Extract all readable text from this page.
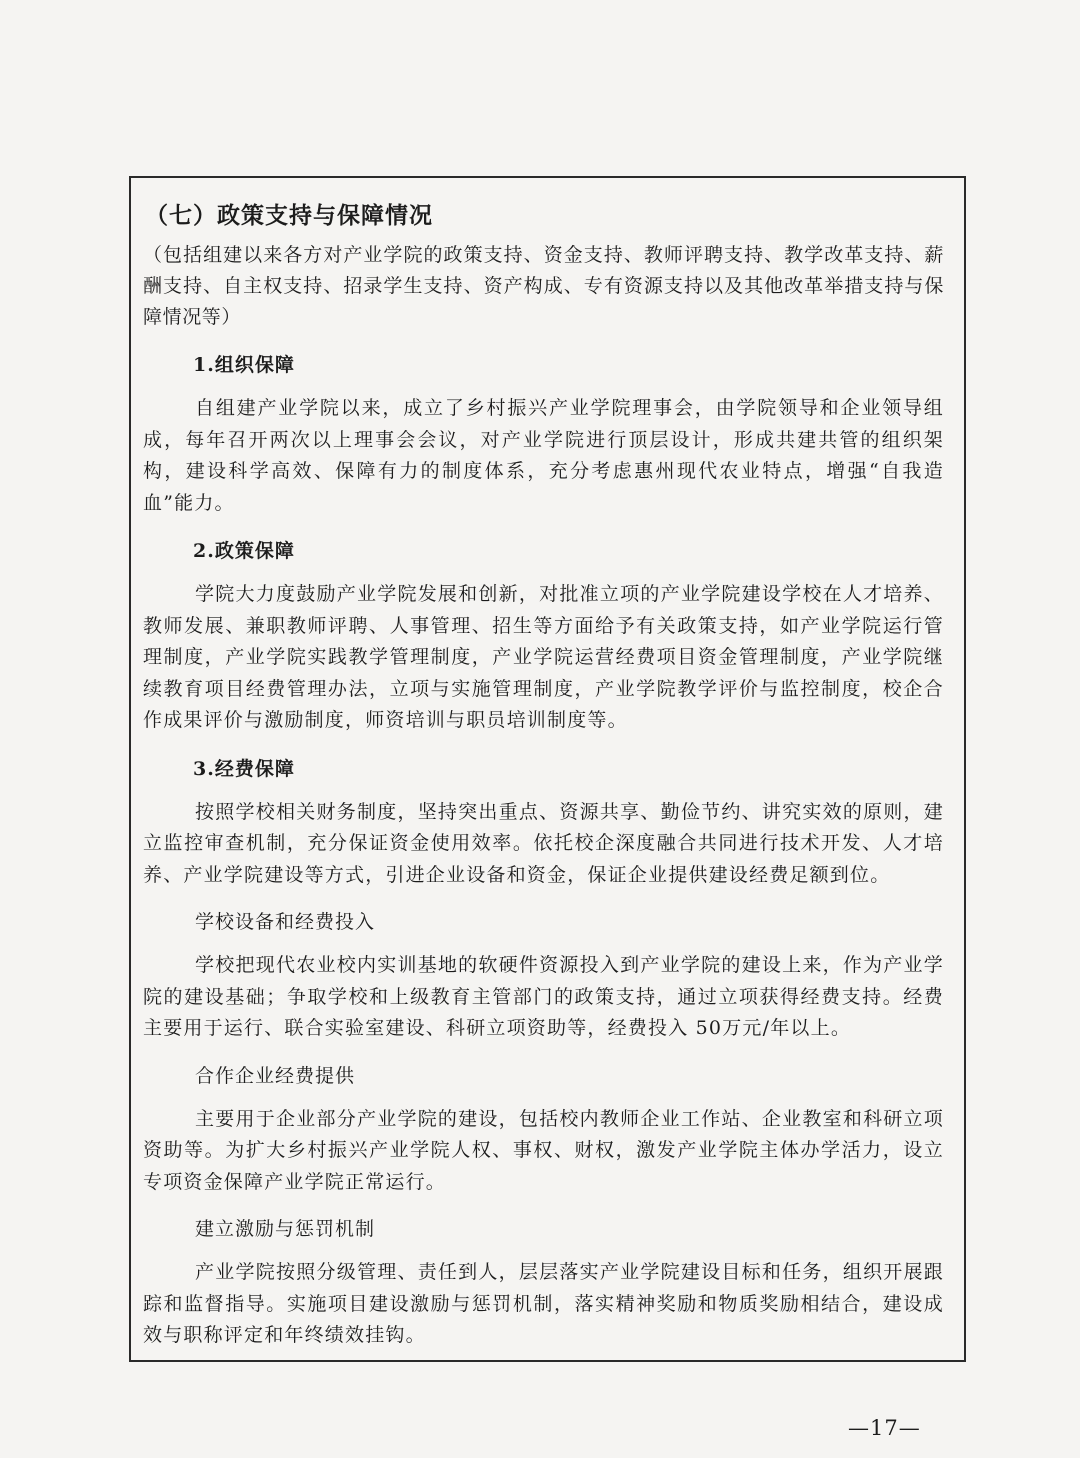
（七）政策支持与保障情况
（包括组建以来各方对产业学院的政策支持、资金支持、教师评聘支持、教学改革支持、薪酬支持、自主权支持、招录学生支持、资产构成、专有资源支持以及其他改革举措支持与保障情况等）
1.组织保障
自组建产业学院以来，成立了乡村振兴产业学院理事会，由学院领导和企业领导组成，每年召开两次以上理事会会议，对产业学院进行顶层设计，形成共建共管的组织架构，建设科学高效、保障有力的制度体系，充分考虑惠州现代农业特点，增强“自我造血”能力。
2.政策保障
学院大力度鼓励产业学院发展和创新，对批准立项的产业学院建设学校在人才培养、教师发展、兼职教师评聘、人事管理、招生等方面给予有关政策支持，如产业学院运行管理制度，产业学院实践教学管理制度，产业学院运营经费项目资金管理制度，产业学院继续教育项目经费管理办法，立项与实施管理制度，产业学院教学评价与监控制度，校企合作成果评价与激励制度，师资培训与职员培训制度等。
3.经费保障
按照学校相关财务制度，坚持突出重点、资源共享、勤俭节约、讲究实效的原则，建立监控审查机制，充分保证资金使用效率。依托校企深度融合共同进行技术开发、人才培养、产业学院建设等方式，引进企业设备和资金，保证企业提供建设经费足额到位。
学校设备和经费投入
学校把现代农业校内实训基地的软硬件资源投入到产业学院的建设上来，作为产业学院的建设基础；争取学校和上级教育主管部门的政策支持，通过立项获得经费支持。经费主要用于运行、联合实验室建设、科研立项资助等，经费投入 50万元/年以上。
合作企业经费提供
主要用于企业部分产业学院的建设，包括校内教师企业工作站、企业教室和科研立项资助等。为扩大乡村振兴产业学院人权、事权、财权，激发产业学院主体办学活力，设立专项资金保障产业学院正常运行。
建立激励与惩罚机制
产业学院按照分级管理、责任到人，层层落实产业学院建设目标和任务，组织开展跟踪和监督指导。实施项目建设激励与惩罚机制，落实精神奖励和物质奖励相结合，建设成效与职称评定和年终绩效挂钩。
—17—
